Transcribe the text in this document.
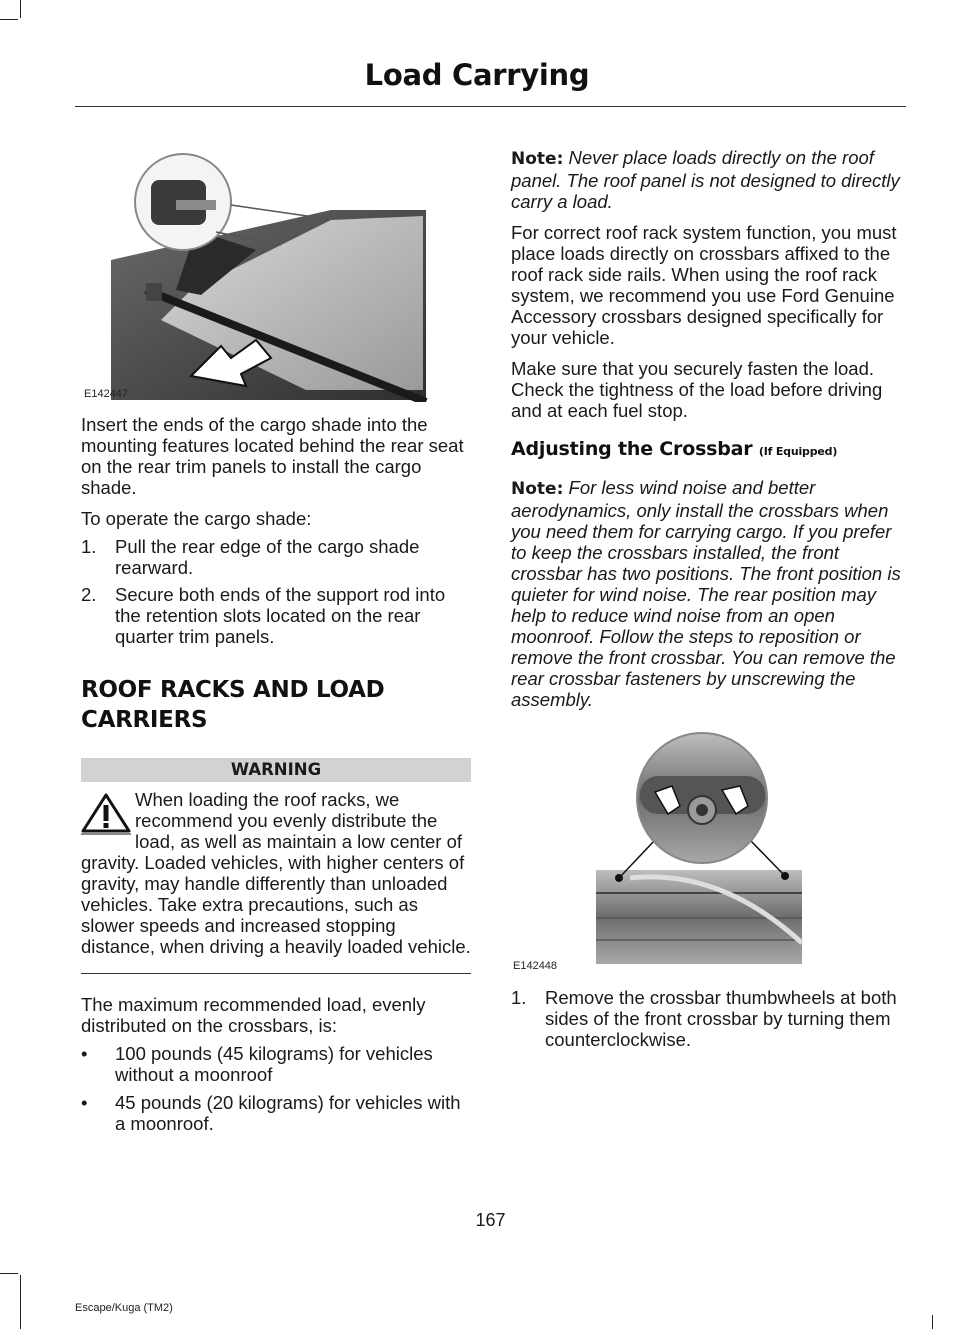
Load Carrying
E142447

Insert the ends of the cargo shade into the mounting features located behind the rear seat on the rear trim panels to install the cargo shade.

To operate the cargo shade:

1. Pull the rear edge of the cargo shade rearward.
2. Secure both ends of the support rod into the retention slots located on the rear quarter trim panels.
ROOF RACKS AND LOAD CARRIERS
WARNING

When loading the roof racks, we recommend you evenly distribute the load, as well as maintain a low center of gravity. Loaded vehicles, with higher centers of gravity, may handle differently than unloaded vehicles. Take extra precautions, such as slower speeds and increased stopping distance, when driving a heavily loaded vehicle.

The maximum recommended load, evenly distributed on the crossbars, is:

• 100 pounds (45 kilograms) for vehicles without a moonroof
• 45 pounds (20 kilograms) for vehicles with a moonroof.

Note: Never place loads directly on the roof panel. The roof panel is not designed to directly carry a load.

For correct roof rack system function, you must place loads directly on crossbars affixed to the roof rack side rails. When using the roof rack system, we recommend you use Ford Genuine Accessory crossbars designed specifically for your vehicle.

Make sure that you securely fasten the load. Check the tightness of the load before driving and at each fuel stop.

Adjusting the Crossbar (If Equipped)

Note: For less wind noise and better aerodynamics, only install the crossbars when you need them for carrying cargo. If you prefer to keep the crossbars installed, the front crossbar has two positions. The front position is quieter for wind noise. The rear position may help to reduce wind noise from an open moonroof. Follow the steps to reposition or remove the front crossbar. You can remove the rear crossbar fasteners by unscrewing the assembly.

E142448
1. Remove the crossbar thumbwheels at both sides of the front crossbar by turning them counterclockwise.
167
Escape/Kuga (TM2)
